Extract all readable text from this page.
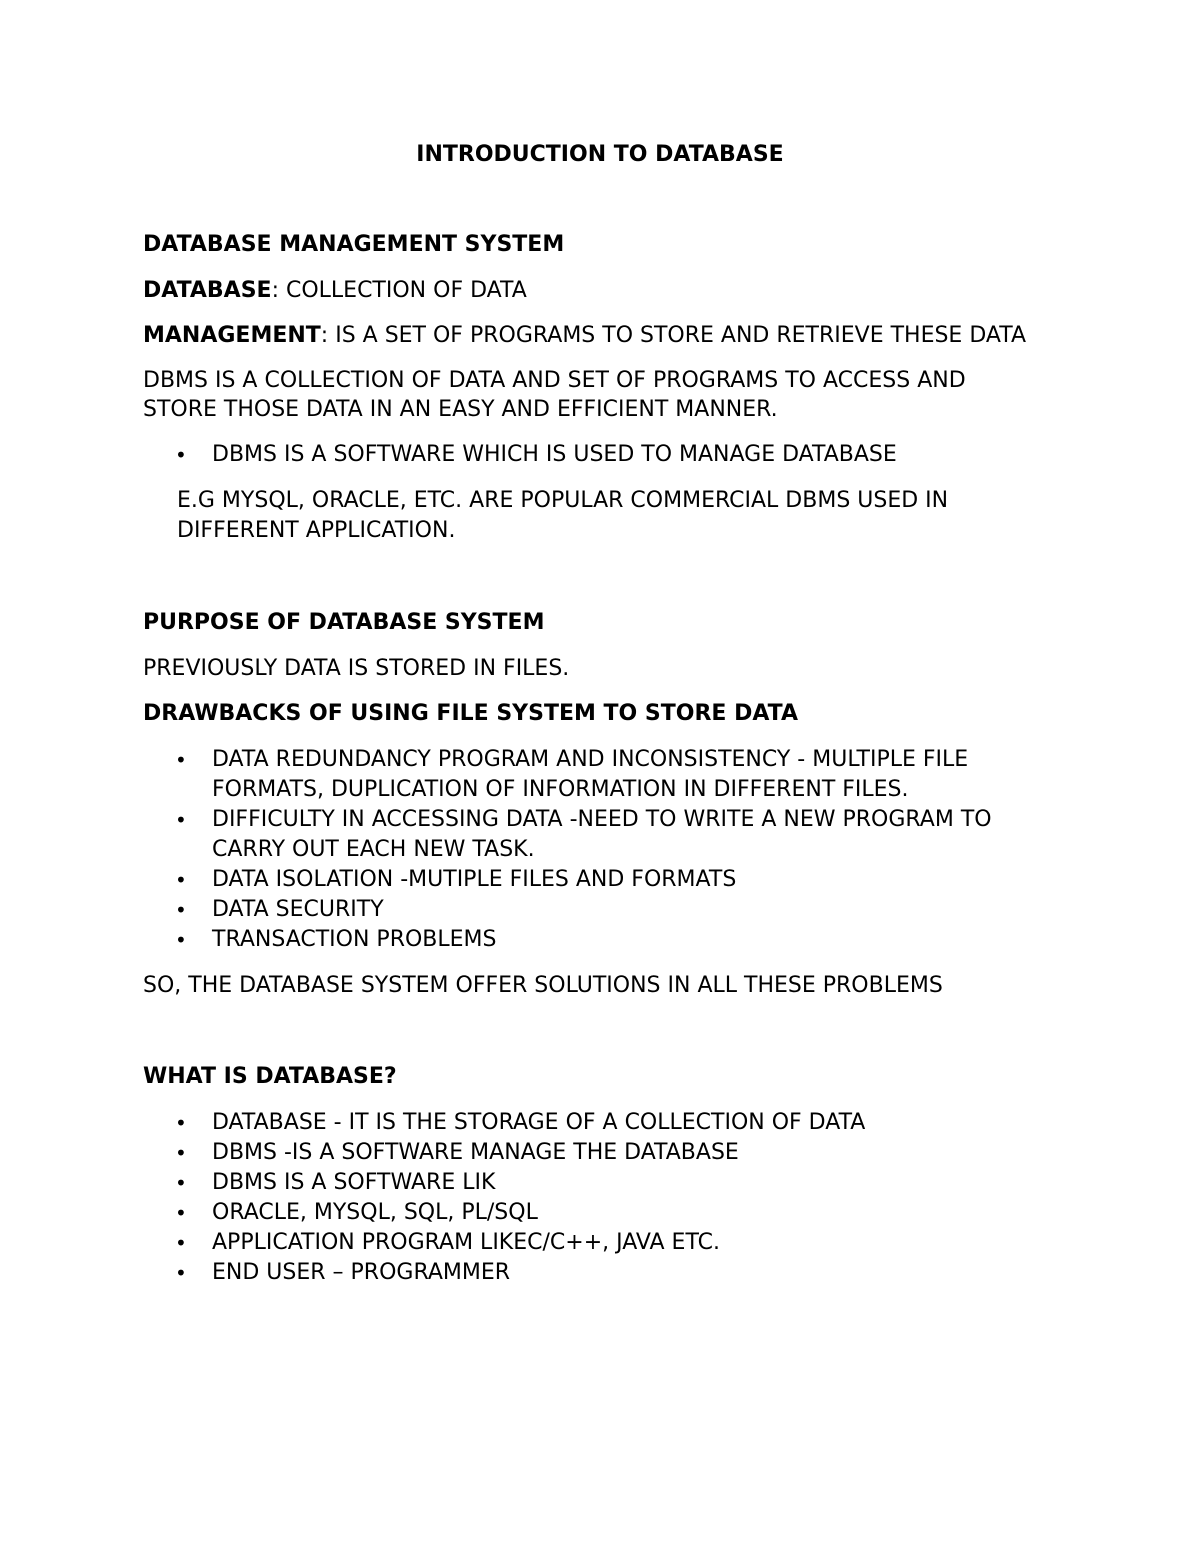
INTRODUCTION TO DATABASE
DATABASE MANAGEMENT SYSTEM

DATABASE: COLLECTION OF DATA

MANAGEMENT: IS A SET OF PROGRAMS TO STORE AND RETRIEVE THESE DATA

DBMS IS A COLLECTION OF DATA AND SET OF PROGRAMS TO ACCESS AND STORE THOSE DATA IN AN EASY AND EFFICIENT MANNER.

• DBMS IS A SOFTWARE WHICH IS USED TO MANAGE DATABASE

E.G MYSQL, ORACLE, ETC. ARE POPULAR COMMERCIAL DBMS USED IN DIFFERENT APPLICATION.

PURPOSE OF DATABASE SYSTEM

PREVIOUSLY DATA IS STORED IN FILES.

DRAWBACKS OF USING FILE SYSTEM TO STORE DATA
• DATA REDUNDANCY PROGRAM AND INCONSISTENCY - MULTIPLE FILE FORMATS, DUPLICATION OF INFORMATION IN DIFFERENT FILES.
• DIFFICULTY IN ACCESSING DATA -NEED TO WRITE A NEW PROGRAM TO CARRY OUT EACH NEW TASK.
• DATA ISOLATION -MUTIPLE FILES AND FORMATS
• DATA SECURITY
• TRANSACTION PROBLEMS

SO, THE DATABASE SYSTEM OFFER SOLUTIONS IN ALL THESE PROBLEMS

WHAT IS DATABASE?
• DATABASE - IT IS THE STORAGE OF A COLLECTION OF DATA
• DBMS -IS A SOFTWARE MANAGE THE DATABASE
• DBMS IS A SOFTWARE LIK
• ORACLE, MYSQL, SQL, PL/SQL
• APPLICATION PROGRAM LIKEC/C++, JAVA ETC.
• END USER – PROGRAMMER
